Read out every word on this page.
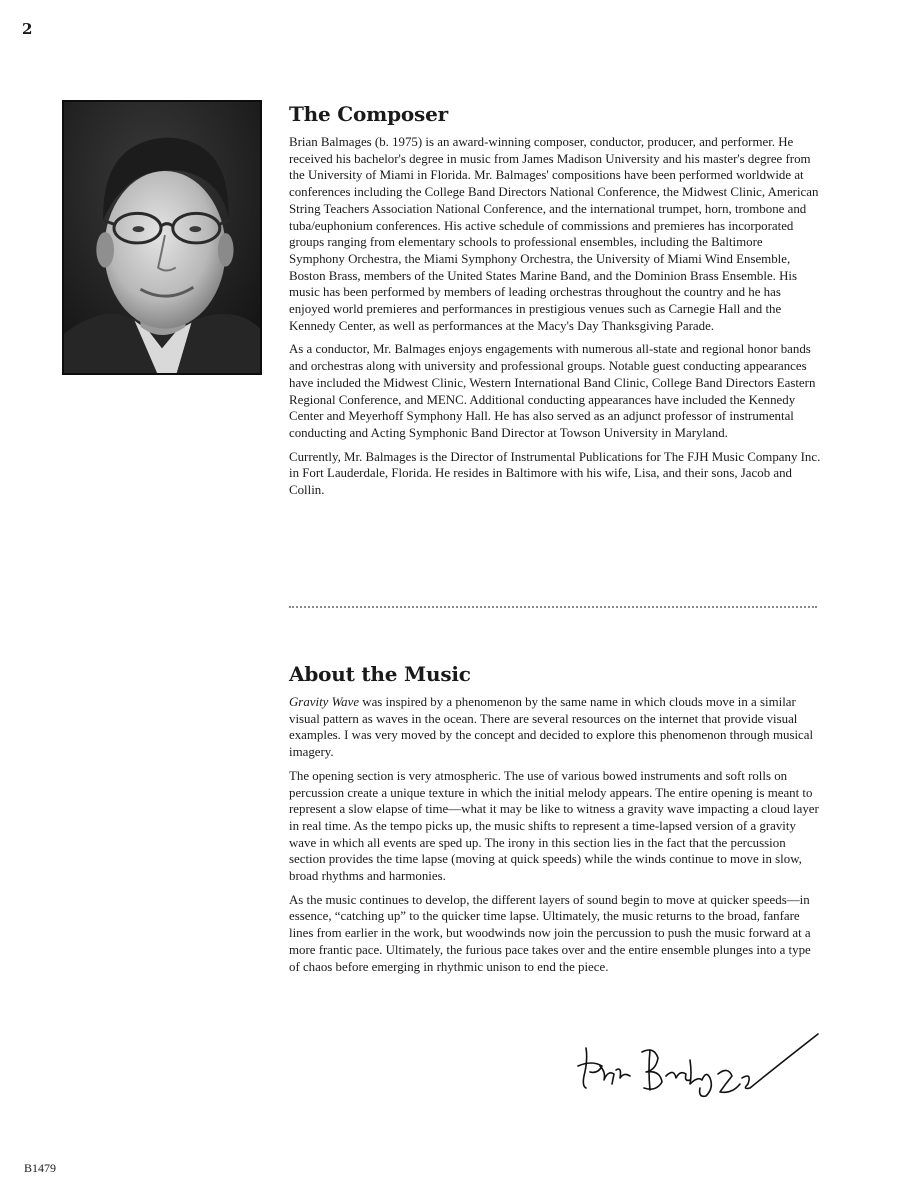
2
The Composer

Brian Balmages (b. 1975) is an award-winning composer, conductor, producer, and performer. He received his bachelor's degree in music from James Madison University and his master's degree from the University of Miami in Florida. Mr. Balmages' compositions have been performed worldwide at conferences including the College Band Directors National Conference, the Midwest Clinic, American String Teachers Association National Conference, and the international trumpet, horn, trombone and tuba/euphonium conferences. His active schedule of commissions and premieres has incorporated groups ranging from elementary schools to professional ensembles, including the Baltimore Symphony Orchestra, the Miami Symphony Orchestra, the University of Miami Wind Ensemble, Boston Brass, members of the United States Marine Band, and the Dominion Brass Ensemble. His music has been performed by members of leading orchestras throughout the country and he has enjoyed world premieres and performances in prestigious venues such as Carnegie Hall and the Kennedy Center, as well as performances at the Macy's Day Thanksgiving Parade.

As a conductor, Mr. Balmages enjoys engagements with numerous all-state and regional honor bands and orchestras along with university and professional groups. Notable guest conducting appearances have included the Midwest Clinic, Western International Band Clinic, College Band Directors Eastern Regional Conference, and MENC. Additional conducting appearances have included the Kennedy Center and Meyerhoff Symphony Hall. He has also served as an adjunct professor of instrumental conducting and Acting Symphonic Band Director at Towson University in Maryland.

Currently, Mr. Balmages is the Director of Instrumental Publications for The FJH Music Company Inc. in Fort Lauderdale, Florida. He resides in Baltimore with his wife, Lisa, and their sons, Jacob and Collin.

About the Music

Gravity Wave was inspired by a phenomenon by the same name in which clouds move in a similar visual pattern as waves in the ocean. There are several resources on the internet that provide visual examples. I was very moved by the concept and decided to explore this phenomenon through musical imagery.

The opening section is very atmospheric. The use of various bowed instruments and soft rolls on percussion create a unique texture in which the initial melody appears. The entire opening is meant to represent a slow elapse of time—what it may be like to witness a gravity wave impacting a cloud layer in real time. As the tempo picks up, the music shifts to represent a time-lapsed version of a gravity wave in which all events are sped up. The irony in this section lies in the fact that the percussion section provides the time lapse (moving at quick speeds) while the winds continue to move in slow, broad rhythms and harmonies.

As the music continues to develop, the different layers of sound begin to move at quicker speeds—in essence, “catching up” to the quicker time lapse. Ultimately, the music returns to the broad, fanfare lines from earlier in the work, but woodwinds now join the percussion to push the music forward at a more frantic pace. Ultimately, the furious pace takes over and the entire ensemble plunges into a type of chaos before emerging in rhythmic unison to end the piece.

B1479
